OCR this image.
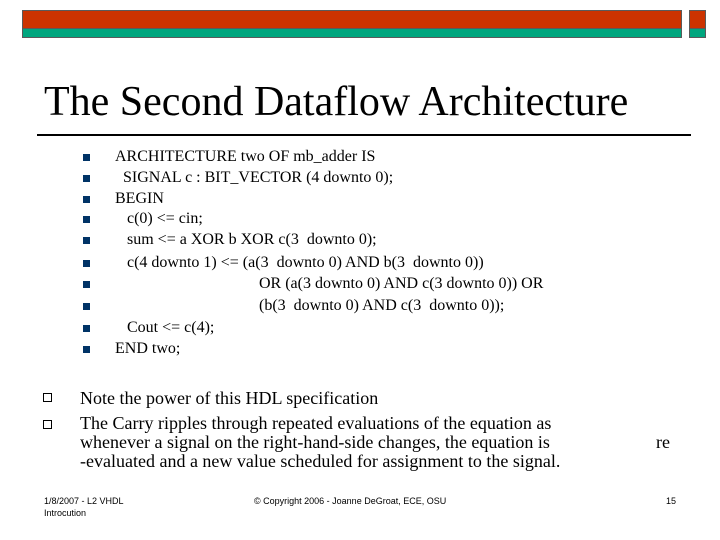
The Second Dataflow Architecture
ARCHITECTURE two OF mb_adder IS
SIGNAL c : BIT_VECTOR (4 downto 0);
BEGIN
c(0) <= cin;
sum <= a XOR b XOR c(3  downto 0);
c(4 downto 1) <= (a(3  downto 0) AND b(3  downto 0))
OR (a(3 downto 0) AND c(3 downto 0)) OR
(b(3  downto 0) AND c(3  downto 0));
Cout <= c(4);
END two;
Note the power of this HDL specification
The Carry ripples through repeated evaluations of the equation as
whenever a signal on the right-hand-side changes, the equation is
-evaluated and a new value scheduled for assignment to the signal.
re
1/8/2007 - L2 VHDL
Introcution
© Copyright 2006 - Joanne DeGroat, ECE, OSU	15
